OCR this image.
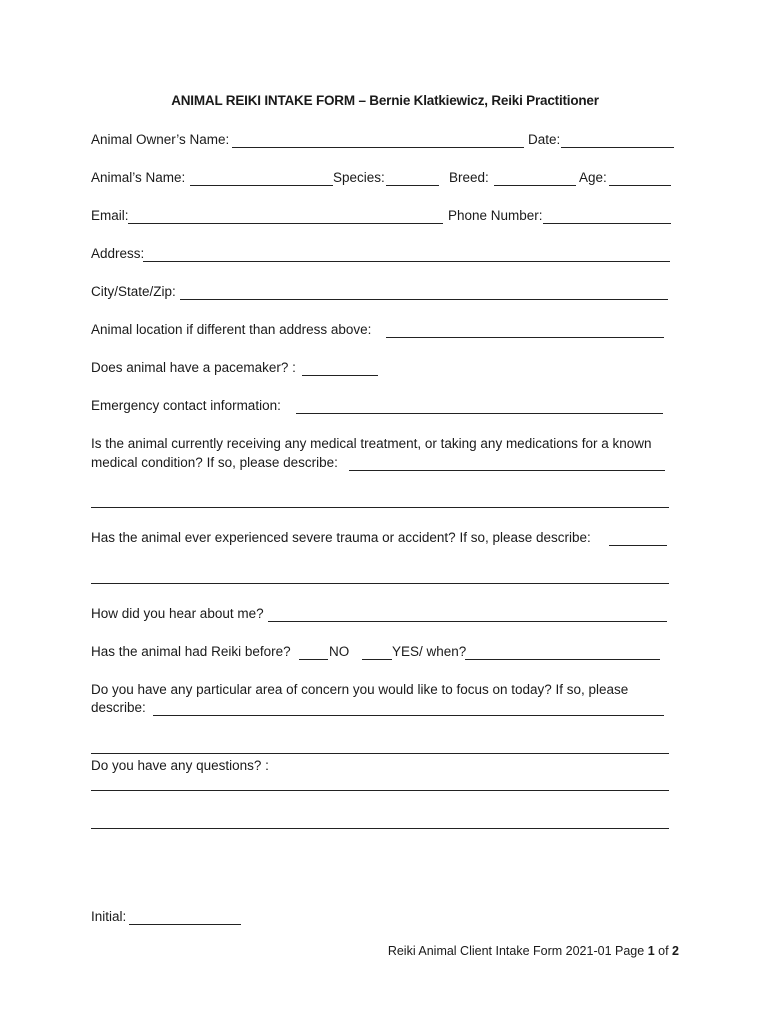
ANIMAL REIKI INTAKE FORM – Bernie Klatkiewicz, Reiki Practitioner
Animal Owner’s Name:	Date:
Animal’s Name:	Species:	Breed:	Age:
Email:	Phone Number:
Address:
City/State/Zip:
Animal location if different than address above:
Does animal have a pacemaker? :
Emergency contact information:
Is the animal currently receiving any medical treatment, or taking any medications for a known
medical condition? If so, please describe:
Has the animal ever experienced severe trauma or accident? If so, please describe:
How did you hear about me?
Has the animal had Reiki before?	NO	YES/ when?
Do you have any particular area of concern you would like to focus on today? If so, please
describe:
Do you have any questions? :
Initial:
Reiki Animal Client Intake Form 2021-01 Page 1 of 2
